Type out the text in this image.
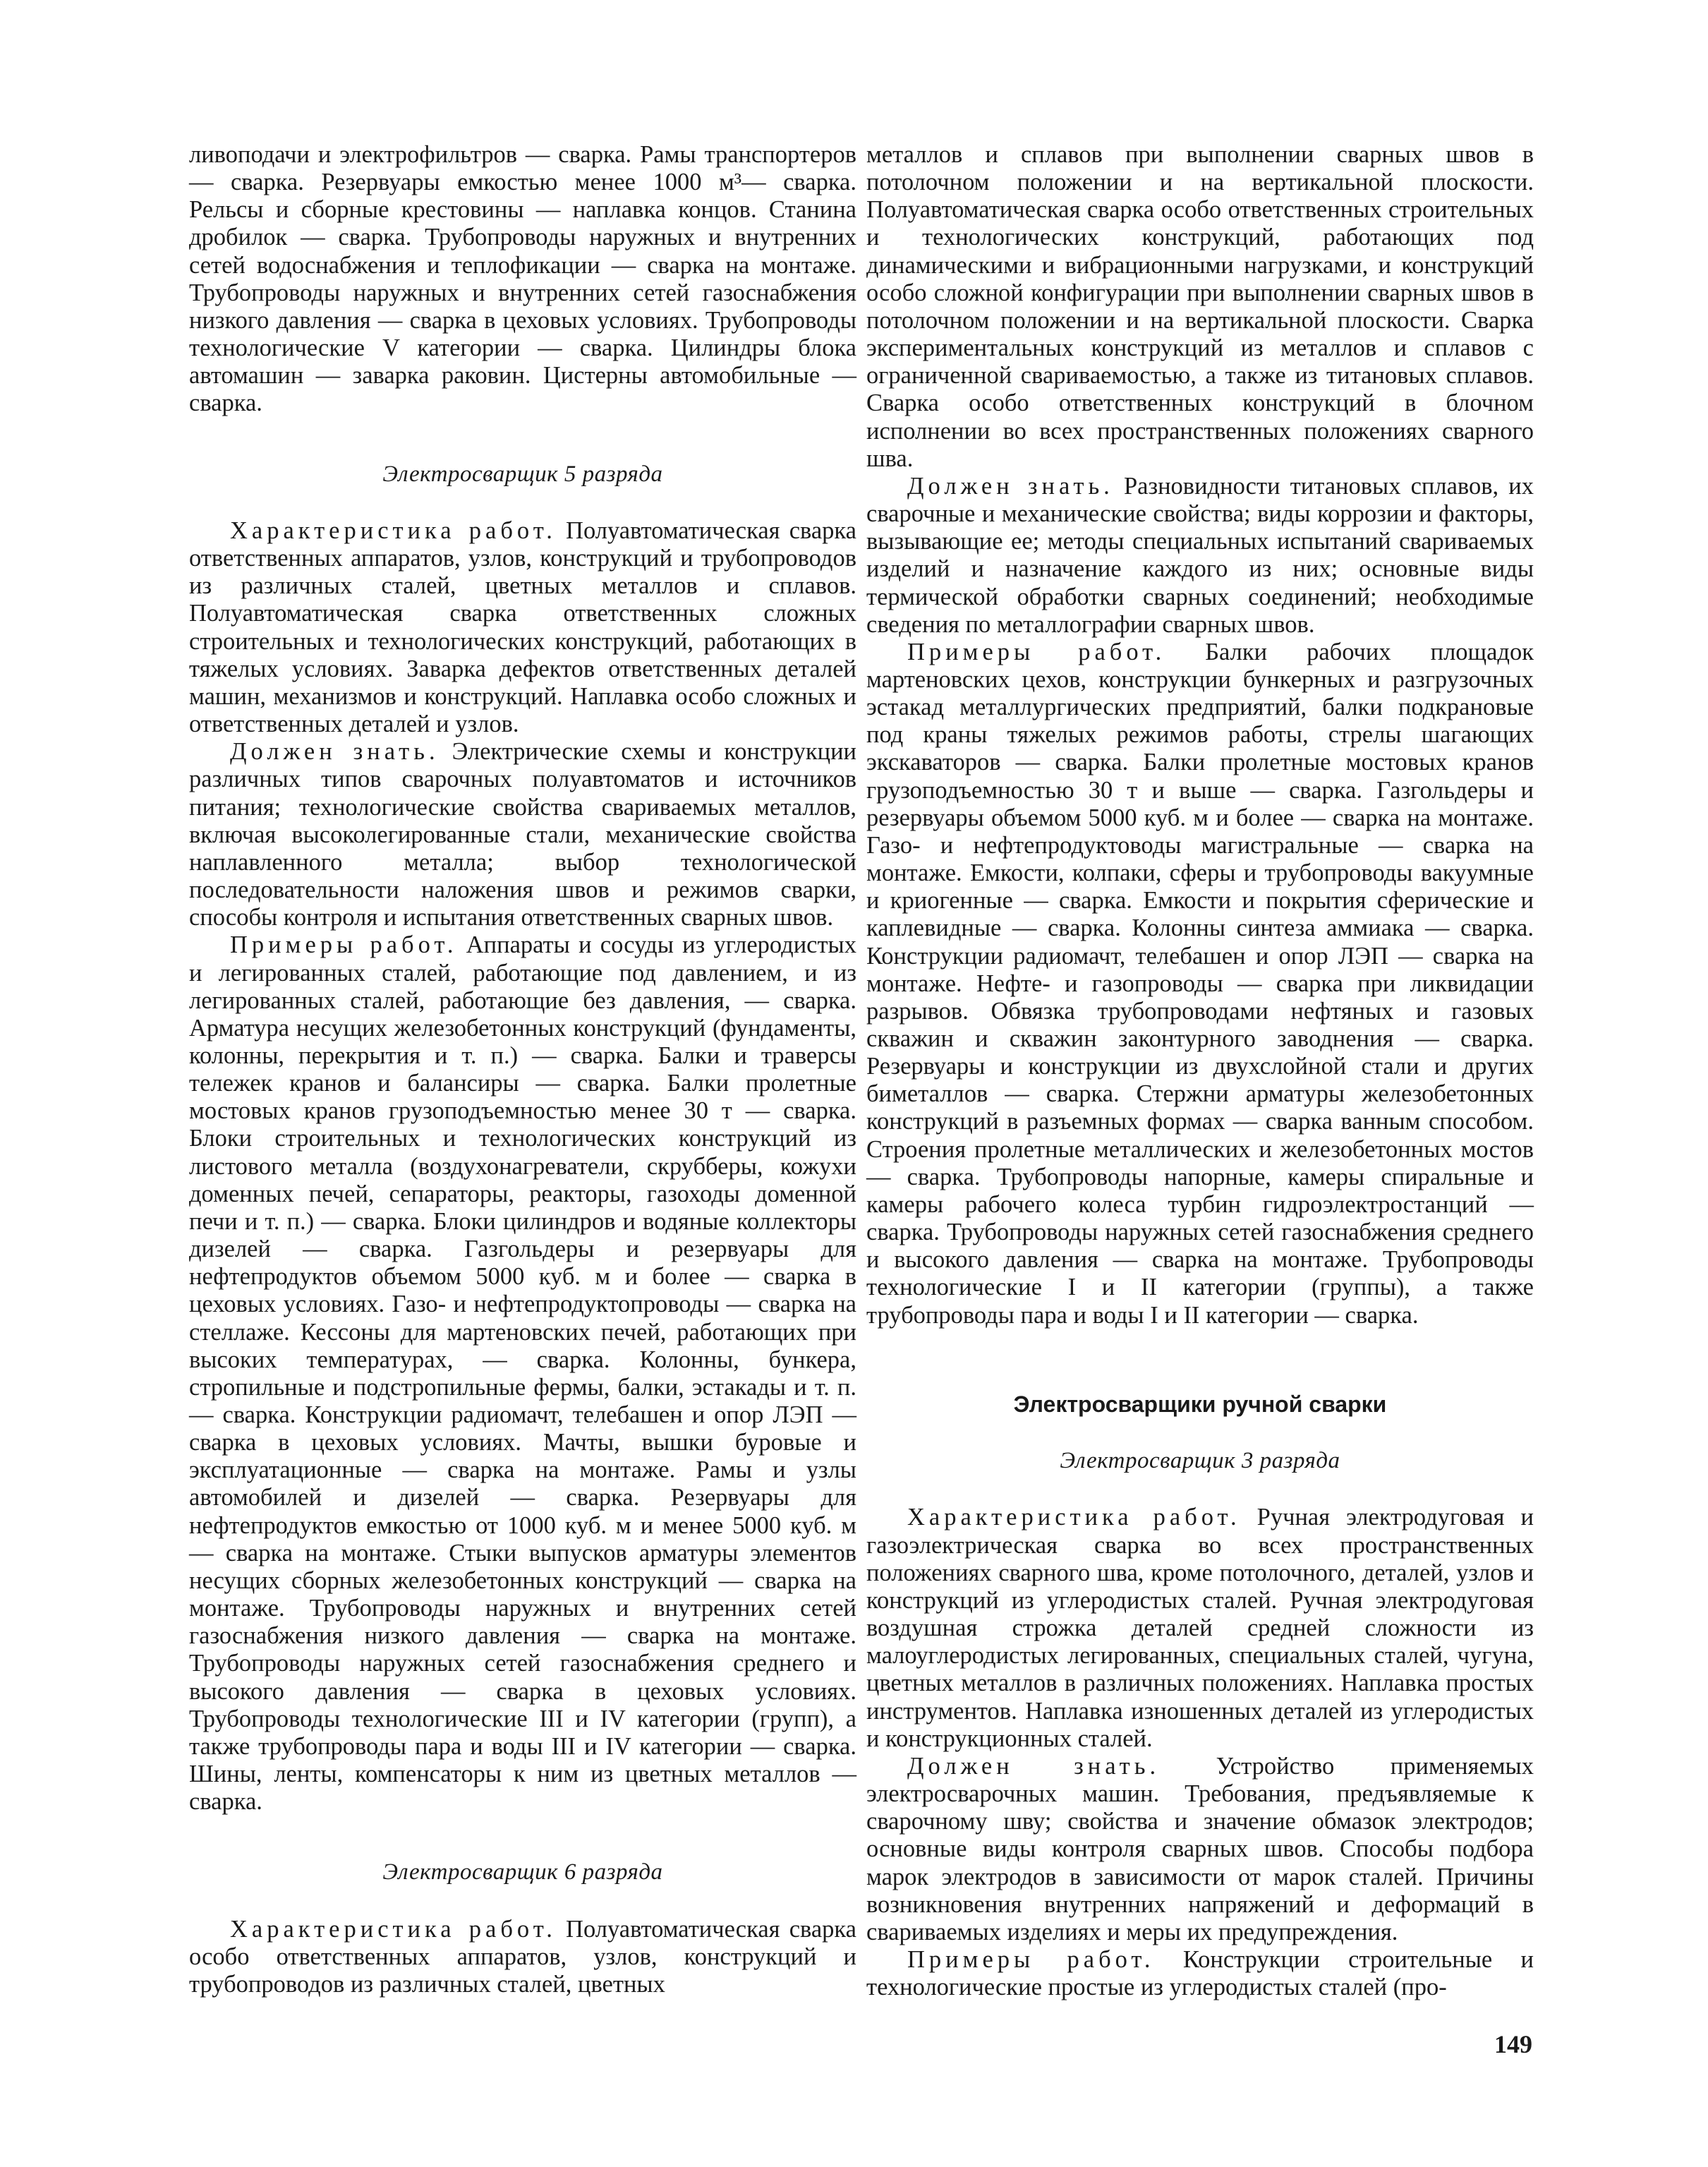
ливоподачи и электрофильтров — сварка. Рамы транспортеров — сварка. Резервуары емкостью менее 1000 м³— сварка. Рельсы и сборные крестовины — наплавка концов. Станина дробилок — сварка. Трубопроводы наружных и внутренних сетей водоснабжения и теплофикации — сварка на монтаже. Трубопроводы наружных и внутренних сетей газоснабжения низкого давления — сварка в цеховых условиях. Трубопроводы технологические V категории — сварка. Цилиндры блока автомашин — заварка раковин. Цистерны автомобильные — сварка.

Электросварщик 5 разряда

Характеристика работ. Полуавтоматическая сварка ответственных аппаратов, узлов, конструкций и трубопроводов из различных сталей, цветных металлов и сплавов. Полуавтоматическая сварка ответственных сложных строительных и технологических конструкций, работающих в тяжелых условиях. Заварка дефектов ответственных деталей машин, механизмов и конструкций. Наплавка особо сложных и ответственных деталей и узлов.

Должен знать. Электрические схемы и конструкции различных типов сварочных полуавтоматов и источников питания; технологические свойства свариваемых металлов, включая высоколегированные стали, механические свойства наплавленного металла; выбор технологической последовательности наложения швов и режимов сварки, способы контроля и испытания ответственных сварных швов.

Примеры работ. Аппараты и сосуды из углеродистых и легированных сталей, работающие под давлением, и из легированных сталей, работающие без давления, — сварка. Арматура несущих железобетонных конструкций (фундаменты, колонны, перекрытия и т. п.) — сварка. Балки и траверсы тележек кранов и балансиры — сварка. Балки пролетные мостовых кранов грузоподъемностью менее 30 т — сварка. Блоки строительных и технологических конструкций из листового металла (воздухонагреватели, скрубберы, кожухи доменных печей, сепараторы, реакторы, газоходы доменной печи и т. п.) — сварка. Блоки цилиндров и водяные коллекторы дизелей — сварка. Газгольдеры и резервуары для нефтепродуктов объемом 5000 куб. м и более — сварка в цеховых условиях. Газо- и нефтепродуктопроводы — сварка на стеллаже. Кессоны для мартеновских печей, работающих при высоких температурах, — сварка. Колонны, бункера, стропильные и подстропильные фермы, балки, эстакады и т. п. — сварка. Конструкции радиомачт, телебашен и опор ЛЭП — сварка в цеховых условиях. Мачты, вышки буровые и эксплуатационные — сварка на монтаже. Рамы и узлы автомобилей и дизелей — сварка. Резервуары для нефтепродуктов емкостью от 1000 куб. м и менее 5000 куб. м — сварка на монтаже. Стыки выпусков арматуры элементов несущих сборных железобетонных конструкций — сварка на монтаже. Трубопроводы наружных и внутренних сетей газоснабжения низкого давления — сварка на монтаже. Трубопроводы наружных сетей газоснабжения среднего и высокого давления — сварка в цеховых условиях. Трубопроводы технологические III и IV категории (групп), а также трубопроводы пара и воды III и IV категории — сварка. Шины, ленты, компенсаторы к ним из цветных металлов — сварка.

Электросварщик 6 разряда

Характеристика работ. Полуавтоматическая сварка особо ответственных аппаратов, узлов, конструкций и трубопроводов из различных сталей, цветных

металлов и сплавов при выполнении сварных швов в потолочном положении и на вертикальной плоскости. Полуавтоматическая сварка особо ответственных строительных и технологических конструкций, работающих под динамическими и вибрационными нагрузками, и конструкций особо сложной конфигурации при выполнении сварных швов в потолочном положении и на вертикальной плоскости. Сварка экспериментальных конструкций из металлов и сплавов с ограниченной свариваемостью, а также из титановых сплавов. Сварка особо ответственных конструкций в блочном исполнении во всех пространственных положениях сварного шва.

Должен знать. Разновидности титановых сплавов, их сварочные и механические свойства; виды коррозии и факторы, вызывающие ее; методы специальных испытаний свариваемых изделий и назначение каждого из них; основные виды термической обработки сварных соединений; необходимые сведения по металлографии сварных швов.

Примеры работ. Балки рабочих площадок мартеновских цехов, конструкции бункерных и разгрузочных эстакад металлургических предприятий, балки подкрановые под краны тяжелых режимов работы, стрелы шагающих экскаваторов — сварка. Балки пролетные мостовых кранов грузоподъемностью 30 т и выше — сварка. Газгольдеры и резервуары объемом 5000 куб. м и более — сварка на монтаже. Газо- и нефтепродуктоводы магистральные — сварка на монтаже. Емкости, колпаки, сферы и трубопроводы вакуумные и криогенные — сварка. Емкости и покрытия сферические и каплевидные — сварка. Колонны синтеза аммиака — сварка. Конструкции радиомачт, телебашен и опор ЛЭП — сварка на монтаже. Нефте- и газопроводы — сварка при ликвидации разрывов. Обвязка трубопроводами нефтяных и газовых скважин и скважин законтурного заводнения — сварка. Резервуары и конструкции из двухслойной стали и других биметаллов — сварка. Стержни арматуры железобетонных конструкций в разъемных формах — сварка ванным способом. Строения пролетные металлических и железобетонных мостов — сварка. Трубопроводы напорные, камеры спиральные и камеры рабочего колеса турбин гидроэлектростанций — сварка. Трубопроводы наружных сетей газоснабжения среднего и высокого давления — сварка на монтаже. Трубопроводы технологические I и II категории (группы), а также трубопроводы пара и воды I и II категории — сварка.

Электросварщики ручной сварки
Электросварщик 3 разряда

Характеристика работ. Ручная электродуговая и газоэлектрическая сварка во всех пространственных положениях сварного шва, кроме потолочного, деталей, узлов и конструкций из углеродистых сталей. Ручная электродуговая воздушная строжка деталей средней сложности из малоуглеродистых легированных, специальных сталей, чугуна, цветных металлов в различных положениях. Наплавка простых инструментов. Наплавка изношенных деталей из углеродистых и конструкционных сталей.

Должен знать. Устройство применяемых электросварочных машин. Требования, предъявляемые к сварочному шву; свойства и значение обмазок электродов; основные виды контроля сварных швов. Способы подбора марок электродов в зависимости от марок сталей. Причины возникновения внутренних напряжений и деформаций в свариваемых изделиях и меры их предупреждения.

Примеры работ. Конструкции строительные и технологические простые из углеродистых сталей (про-

149
